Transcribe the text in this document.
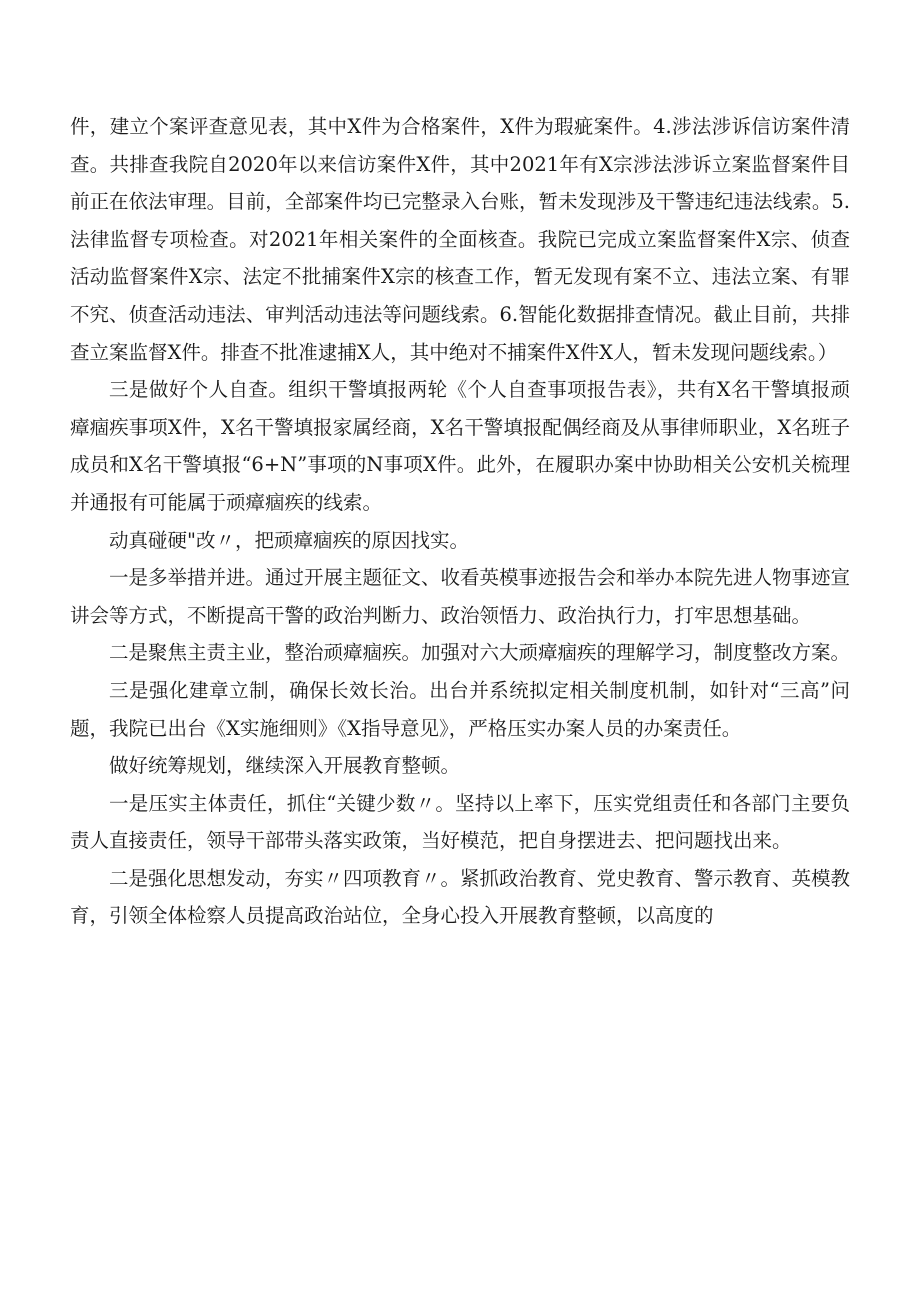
件，建立个案评查意见表，其中X件为合格案件，X件为瑕疵案件。4.涉法涉诉信访案件清查。共排查我院自2020年以来信访案件X件，其中2021年有X宗涉法涉诉立案监督案件目前正在依法审理。目前，全部案件均已完整录入台账，暂未发现涉及干警违纪违法线索。5.法律监督专项检查。对2021年相关案件的全面核查。我院已完成立案监督案件X宗、侦查活动监督案件X宗、法定不批捕案件X宗的核查工作，暂无发现有案不立、违法立案、有罪不究、侦查活动违法、审判活动违法等问题线索。6.智能化数据排查情况。截止目前，共排查立案监督X件。排查不批准逮捕X人，其中绝对不捕案件X件X人，暂未发现问题线索。）

三是做好个人自查。组织干警填报两轮《个人自查事项报告表》，共有X名干警填报顽瘴痼疾事项X件，X名干警填报家属经商，X名干警填报配偶经商及从事律师职业，X名班子成员和X名干警填报“6+N”事项的N事项X件。此外，在履职办案中协助相关公安机关梳理并通报有可能属于顽瘴痼疾的线索。

动真碰硬"改〃，把顽瘴痼疾的原因找实。

一是多举措并进。通过开展主题征文、收看英模事迹报告会和举办本院先进人物事迹宣讲会等方式，不断提高干警的政治判断力、政治领悟力、政治执行力，打牢思想基础。

二是聚焦主责主业，整治顽瘴痼疾。加强对六大顽瘴痼疾的理解学习，制度整改方案。

三是强化建章立制，确保长效长治。出台并系统拟定相关制度机制，如针对“三高”问题，我院已出台《X实施细则》《X指导意见》，严格压实办案人员的办案责任。

做好统筹规划，继续深入开展教育整顿。

一是压实主体责任，抓住“关键少数〃。坚持以上率下，压实党组责任和各部门主要负责人直接责任，领导干部带头落实政策，当好模范，把自身摆进去、把问题找出来。

二是强化思想发动，夯实〃四项教育〃。紧抓政治教育、党史教育、警示教育、英模教育，引领全体检察人员提高政治站位，全身心投入开展教育整顿，以高度的
